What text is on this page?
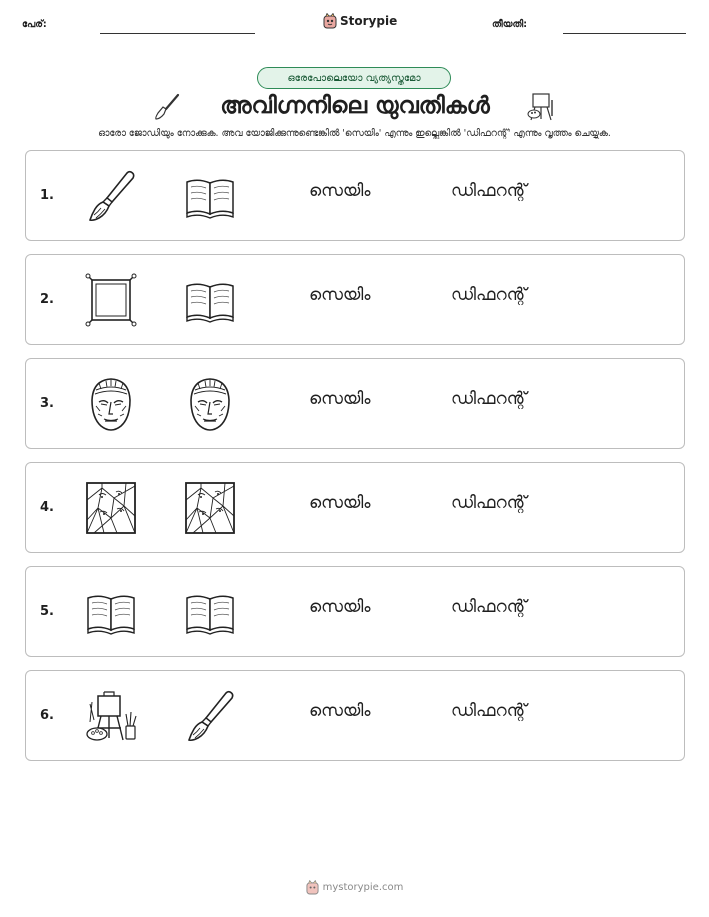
പേര്:	Storypie	തീയതി:
ഒരേപോലെയോ വ്യത്യസ്തമോ
അവിഗ്നനിലെ യുവതികൾ
ഓരോ ജോഡിയും നോക്കുക. അവ യോജിക്കുന്നുണ്ടെങ്കിൽ 'സെയിം' എന്നും ഇല്ലെങ്കിൽ 'ഡിഫറന്റ്' എന്നും വൃത്തം ചെയ്യുക.
1.	സെയിം	ഡിഫറന്റ്
2.	സെയിം	ഡിഫറന്റ്
3.	സെയിം	ഡിഫറന്റ്
4.	സെയിം	ഡിഫറന്റ്
5.	സെയിം	ഡിഫറന്റ്
6.	സെയിം	ഡിഫറന്റ്
mystorypie.com
